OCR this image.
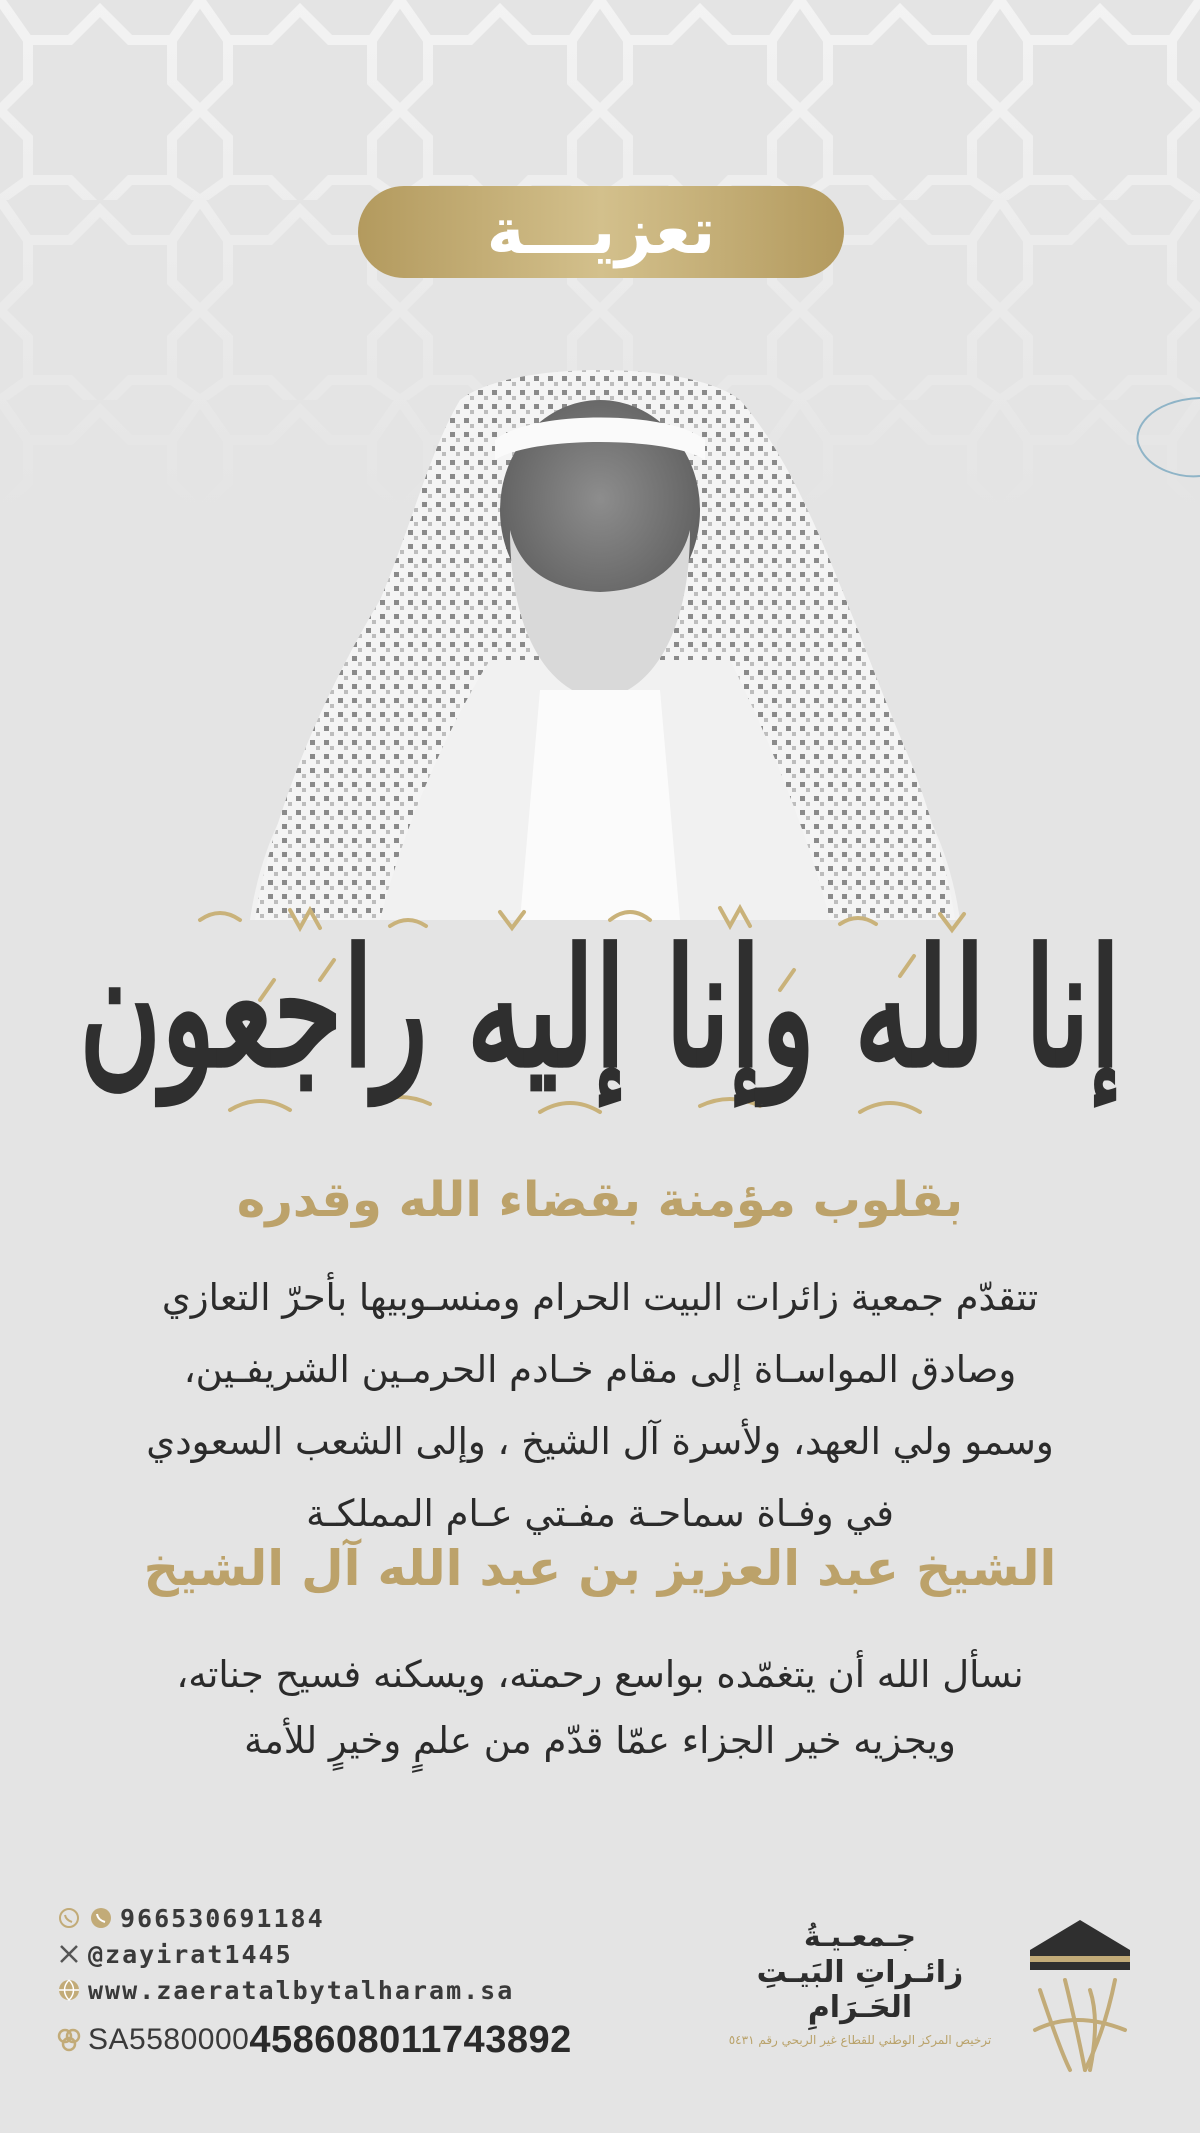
تعزيـــة
إنا لله وإنا إليه راجعون
بقلوب مؤمنة بقضاء الله وقدره
تتقدّم جمعية زائرات البيت الحرام ومنسـوبيها بأحرّ التعازي
وصادق المواسـاة إلى مقام خـادم الحرمـين الشريفـين،
وسمو ولي العهد، ولأسرة آل الشيخ ، وإلى الشعب السعودي
في وفـاة سماحـة مفـتي عـام المملكـة
الشيخ عبد العزيز بن عبد الله آل الشيخ
نسأل الله أن يتغمّده بواسع رحمته، ويسكنه فسيح جناته،
ويجزيه خير الجزاء عمّا قدّم من علمٍ وخيرٍ للأمة
966530691184
@zayirat1445
www.zaeratalbytalharam.sa
SA5580000 458608011743892
جـمعـيـةُ
زائـراتِ البَيـتِ الحَـرَامِ
ترخيص المركز الوطني للقطاع غير الربحي رقم ٥٤٣١
